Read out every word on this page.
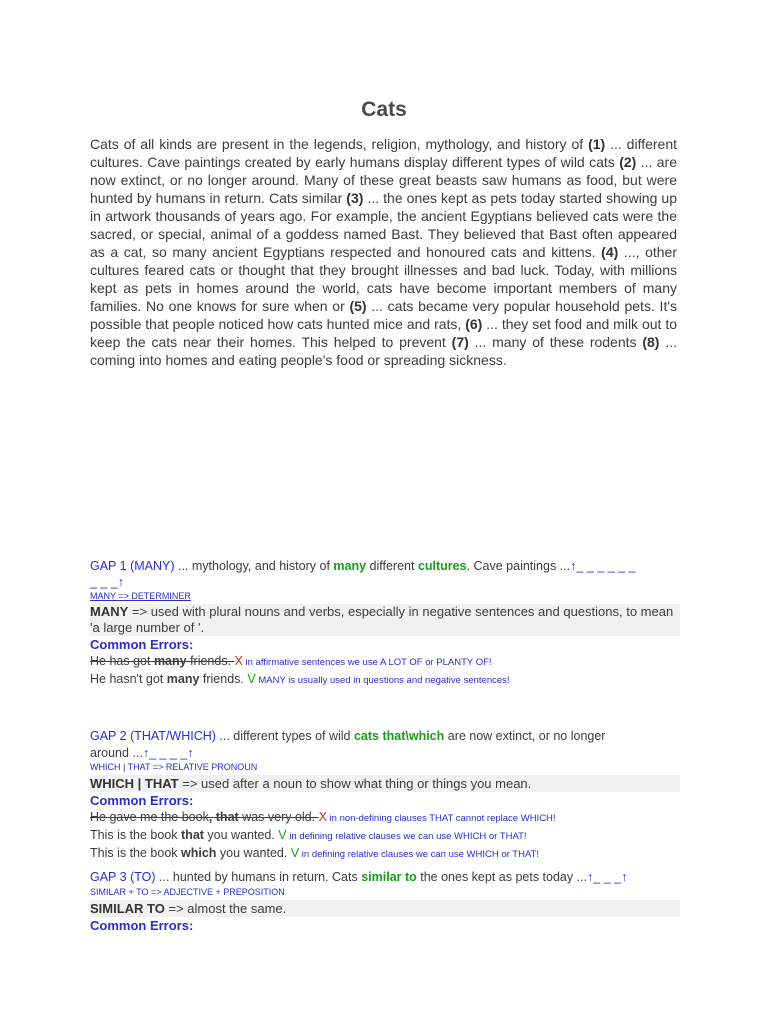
Cats

Cats of all kinds are present in the legends, religion, mythology, and history of (1) ... different cultures. Cave paintings created by early humans display different types of wild cats (2) ... are now extinct, or no longer around. Many of these great beasts saw humans as food, but were hunted by humans in return. Cats similar (3) ... the ones kept as pets today started showing up in artwork thousands of years ago. For example, the ancient Egyptians believed cats were the sacred, or special, animal of a goddess named Bast. They believed that Bast often appeared as a cat, so many ancient Egyptians respected and honoured cats and kittens. (4) ..., other cultures feared cats or thought that they brought illnesses and bad luck. Today, with millions kept as pets in homes around the world, cats have become important members of many families. No one knows for sure when or (5) ... cats became very popular household pets. It's possible that people noticed how cats hunted mice and rats, (6) ... they set food and milk out to keep the cats near their homes. This helped to prevent (7) ... many of these rodents (8) ... coming into homes and eating people's food or spreading sickness.

GAP 1 (MANY) ... mythology, and history of many different cultures. Cave paintings ...↑_ _ _ _ _ _
_ _ _↑
MANY => DETERMINER
MANY => used with plural nouns and verbs, especially in negative sentences and questions, to mean 'a large number of '.
Common Errors:
He has got many friends. X in affirmative sentences we use A LOT OF or PLANTY OF!
He hasn't got many friends. V MANY is usually used in questions and negative sentences!
GAP 2 (THAT/WHICH) ... different types of wild cats that\which are now extinct, or no longer
around ...↑_ _ _ _↑
WHICH | THAT => RELATIVE PRONOUN
WHICH | THAT => used after a noun to show what thing or things you mean.
Common Errors:
He gave me the book, that was very old. X in non-defining clauses THAT cannot replace WHICH!
This is the book that you wanted. V in defining relative clauses we can use WHICH or THAT!
This is the book which you wanted. V in defining relative clauses we can use WHICH or THAT!
GAP 3 (TO) ... hunted by humans in return. Cats similar to the ones kept as pets today ...↑_ _ _↑
SIMILAR + TO => ADJECTIVE + PREPOSITION
SIMILAR TO => almost the same.
Common Errors:
